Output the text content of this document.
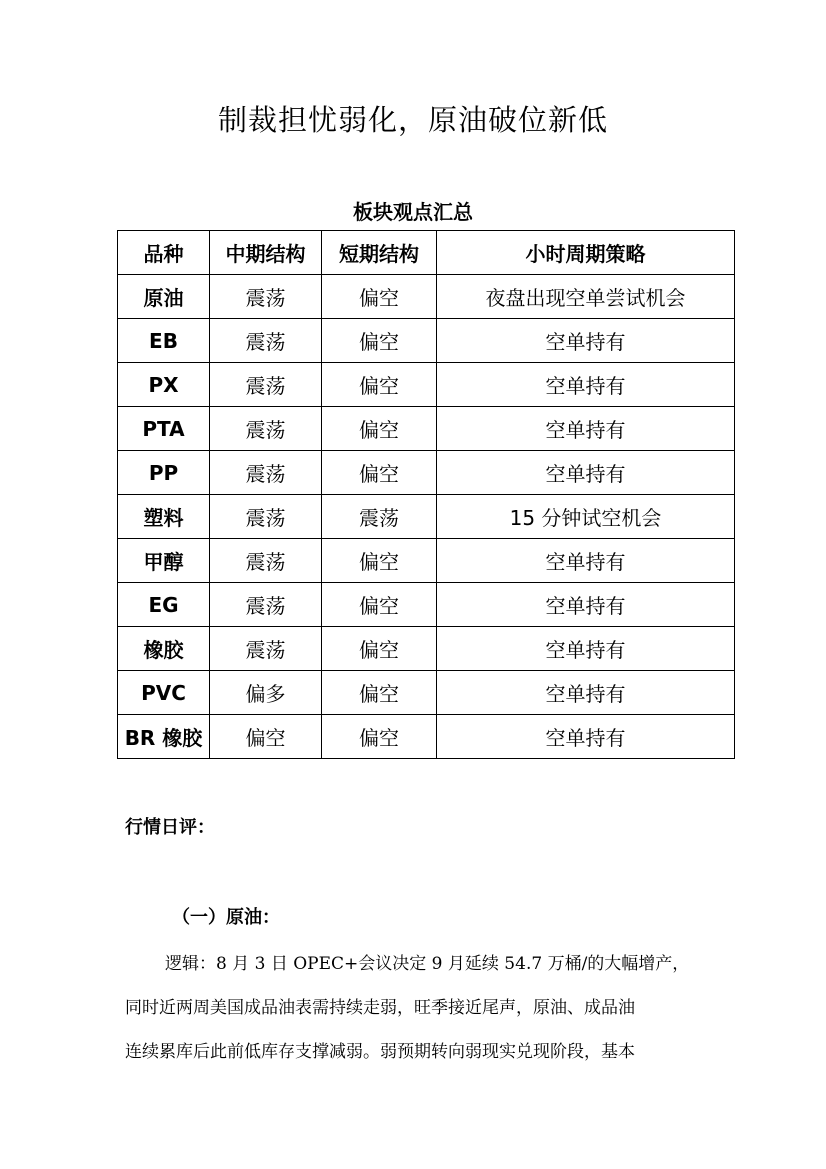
制裁担忧弱化，原油破位新低
板块观点汇总
品种	中期结构	短期结构	小时周期策略
原油	震荡	偏空	夜盘出现空单尝试机会
EB	震荡	偏空	空单持有
PX	震荡	偏空	空单持有
PTA	震荡	偏空	空单持有
PP	震荡	偏空	空单持有
塑料	震荡	震荡	15 分钟试空机会
甲醇	震荡	偏空	空单持有
EG	震荡	偏空	空单持有
橡胶	震荡	偏空	空单持有
PVC	偏多	偏空	空单持有
BR 橡胶	偏空	偏空	空单持有
行情日评：
（一）原油：
逻辑：8 月 3 日 OPEC+会议决定 9 月延续 54.7 万桶/的大幅增产，
同时近两周美国成品油表需持续走弱，旺季接近尾声，原油、成品油
连续累库后此前低库存支撑减弱。弱预期转向弱现实兑现阶段，基本
